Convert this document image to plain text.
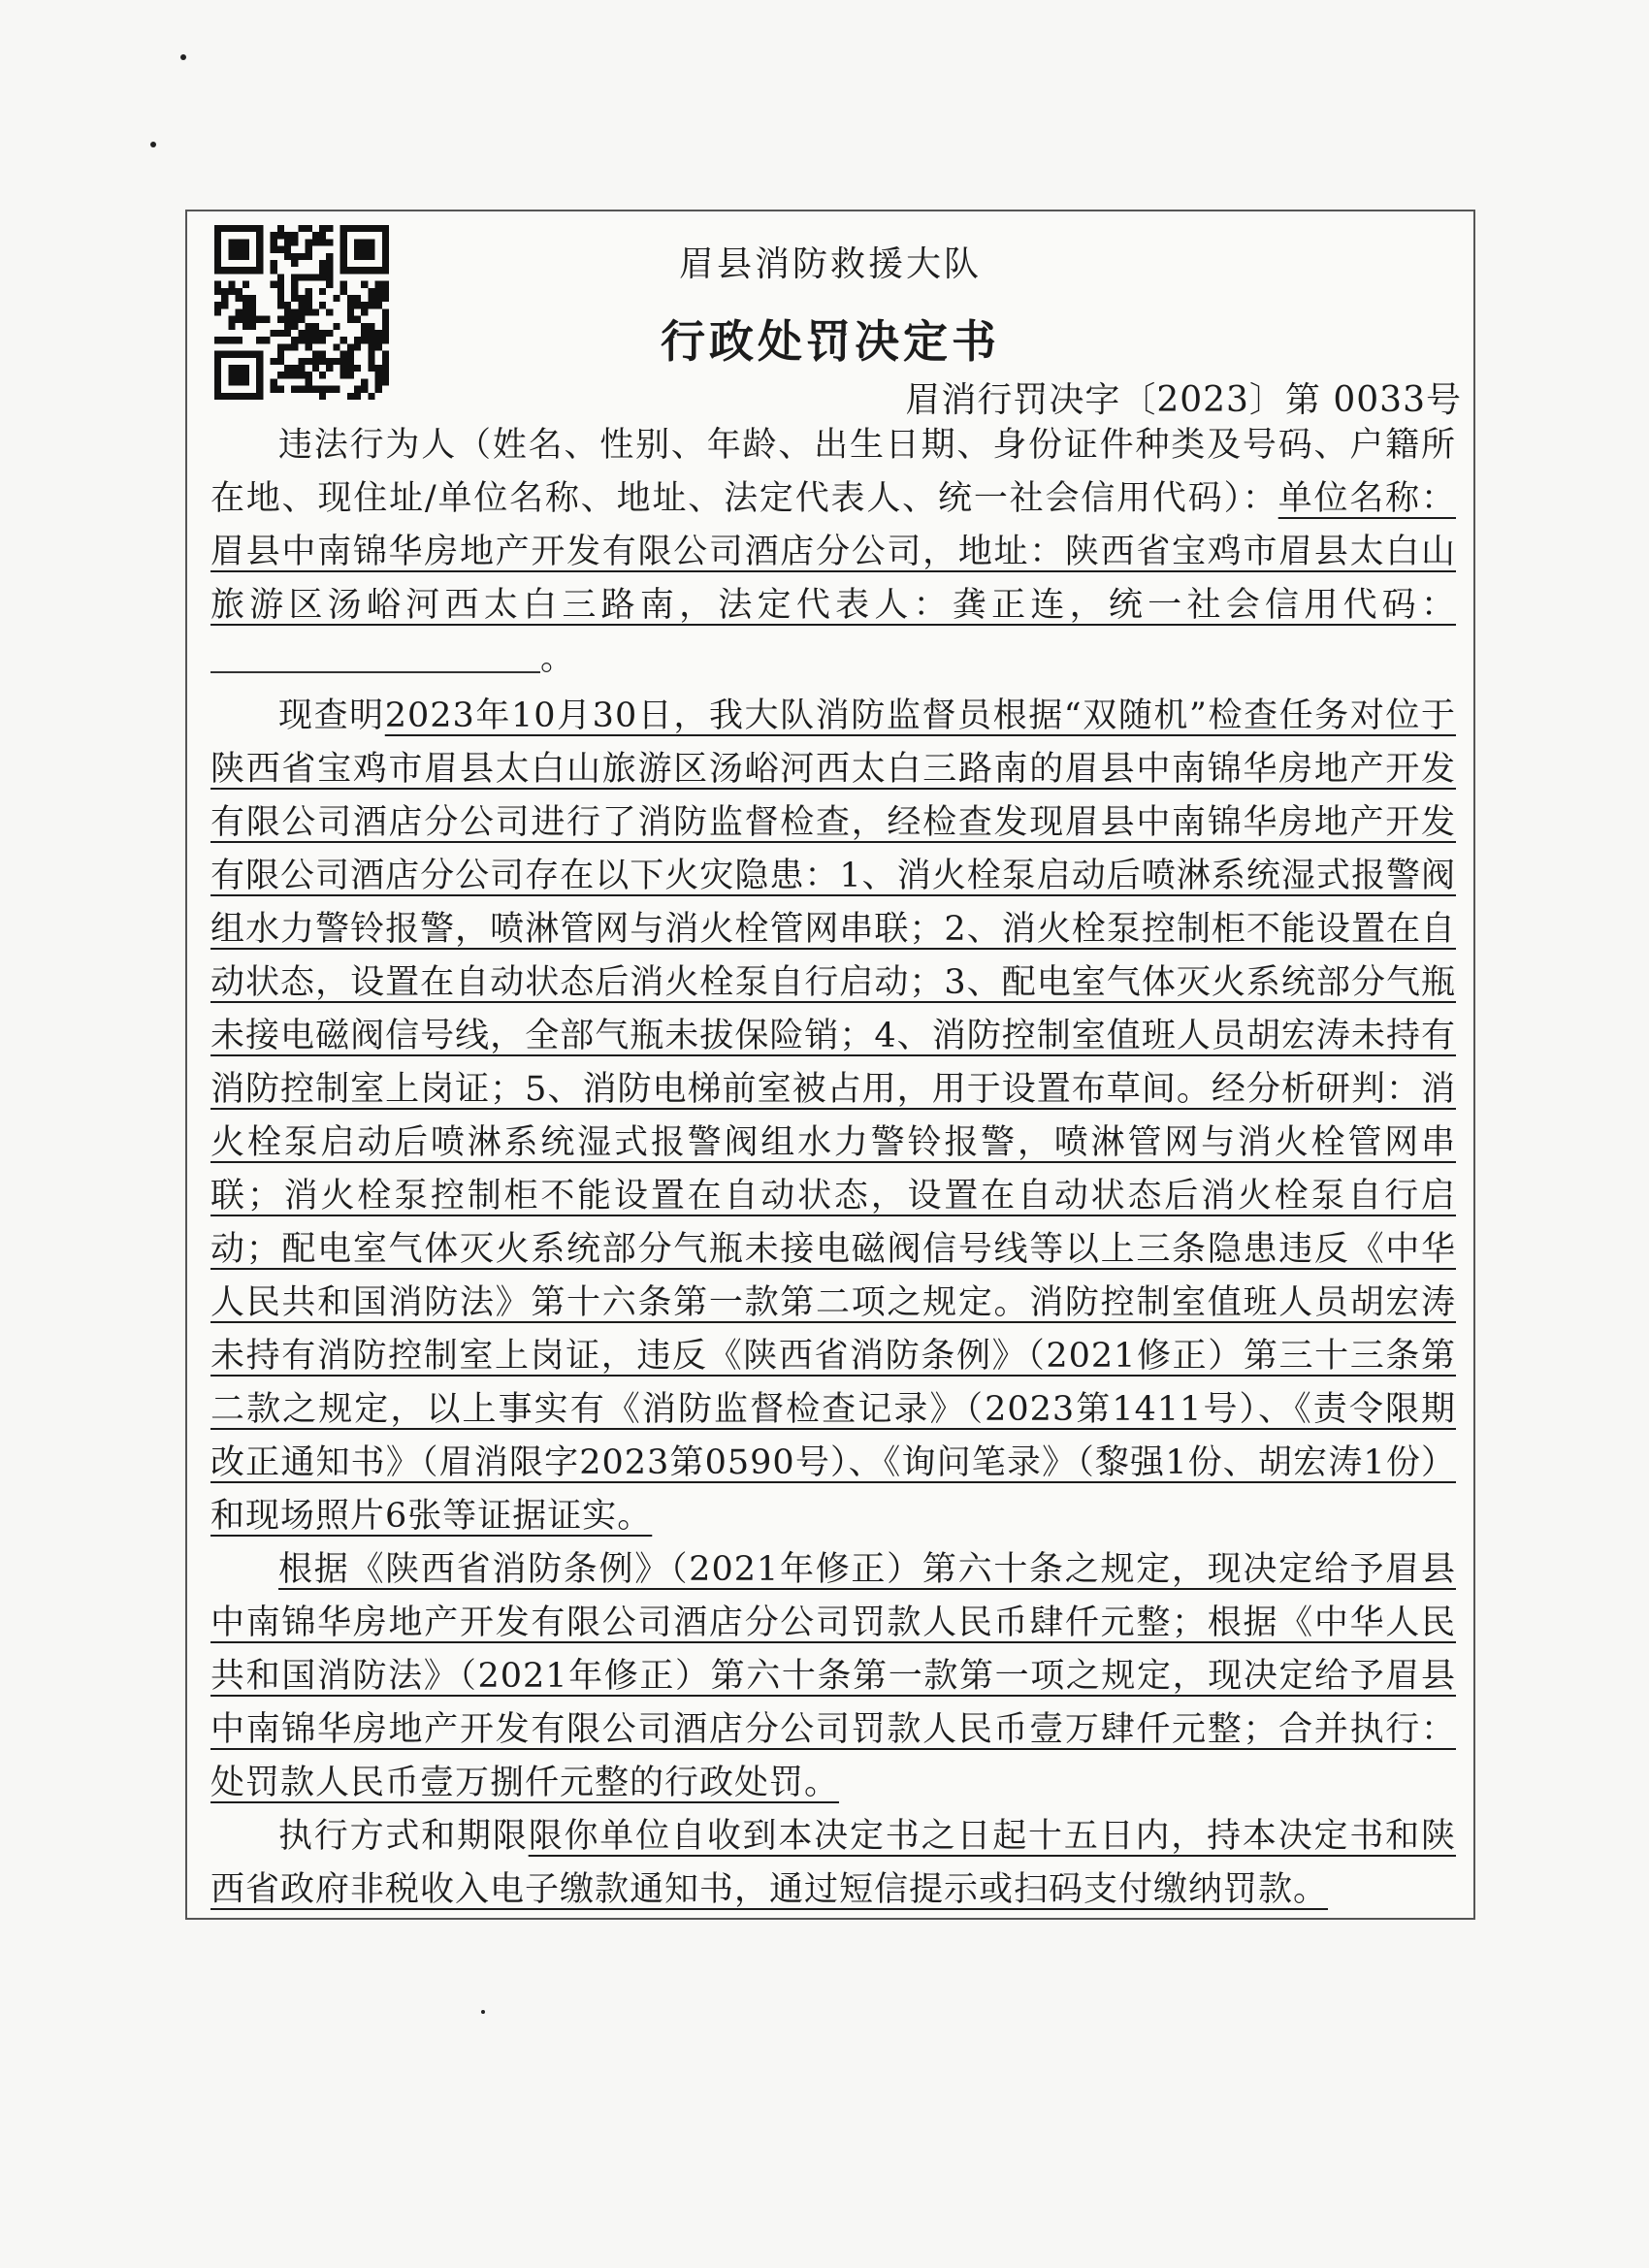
眉县消防救援大队
行政处罚决定书
眉消行罚决字〔2023〕第 0033号

违法行为人（姓名、性别、年龄、出生日期、身份证件种类及号码、户籍所在地、现住址/单位名称、地址、法定代表人、统一社会信用代码）：单位名称：眉县中南锦华房地产开发有限公司酒店分公司，地址：陕西省宝鸡市眉县太白山旅游区汤峪河西太白三路南，法定代表人：龚正连，统一社会信用代码：。

现查明2023年10月30日，我大队消防监督员根据“双随机”检查任务对位于陕西省宝鸡市眉县太白山旅游区汤峪河西太白三路南的眉县中南锦华房地产开发有限公司酒店分公司进行了消防监督检查，经检查发现眉县中南锦华房地产开发有限公司酒店分公司存在以下火灾隐患：1、消火栓泵启动后喷淋系统湿式报警阀组水力警铃报警，喷淋管网与消火栓管网串联；2、消火栓泵控制柜不能设置在自动状态，设置在自动状态后消火栓泵自行启动；3、配电室气体灭火系统部分气瓶未接电磁阀信号线，全部气瓶未拔保险销；4、消防控制室值班人员胡宏涛未持有消防控制室上岗证；5、消防电梯前室被占用，用于设置布草间。经分析研判：消火栓泵启动后喷淋系统湿式报警阀组水力警铃报警，喷淋管网与消火栓管网串联；消火栓泵控制柜不能设置在自动状态，设置在自动状态后消火栓泵自行启动；配电室气体灭火系统部分气瓶未接电磁阀信号线等以上三条隐患违反《中华人民共和国消防法》第十六条第一款第二项之规定。消防控制室值班人员胡宏涛未持有消防控制室上岗证，违反《陕西省消防条例》（2021修正）第三十三条第二款之规定，以上事实有《消防监督检查记录》（2023第1411号）、《责令限期改正通知书》（眉消限字2023第0590号）、《询问笔录》（黎强1份、胡宏涛1份）和现场照片6张等证据证实。

根据《陕西省消防条例》（2021年修正）第六十条之规定，现决定给予眉县中南锦华房地产开发有限公司酒店分公司罚款人民币肆仟元整；根据《中华人民共和国消防法》（2021年修正）第六十条第一款第一项之规定，现决定给予眉县中南锦华房地产开发有限公司酒店分公司罚款人民币壹万肆仟元整；合并执行：处罚款人民币壹万捌仟元整的行政处罚。

执行方式和期限限你单位自收到本决定书之日起十五日内，持本决定书和陕西省政府非税收入电子缴款通知书，通过短信提示或扫码支付缴纳罚款。
